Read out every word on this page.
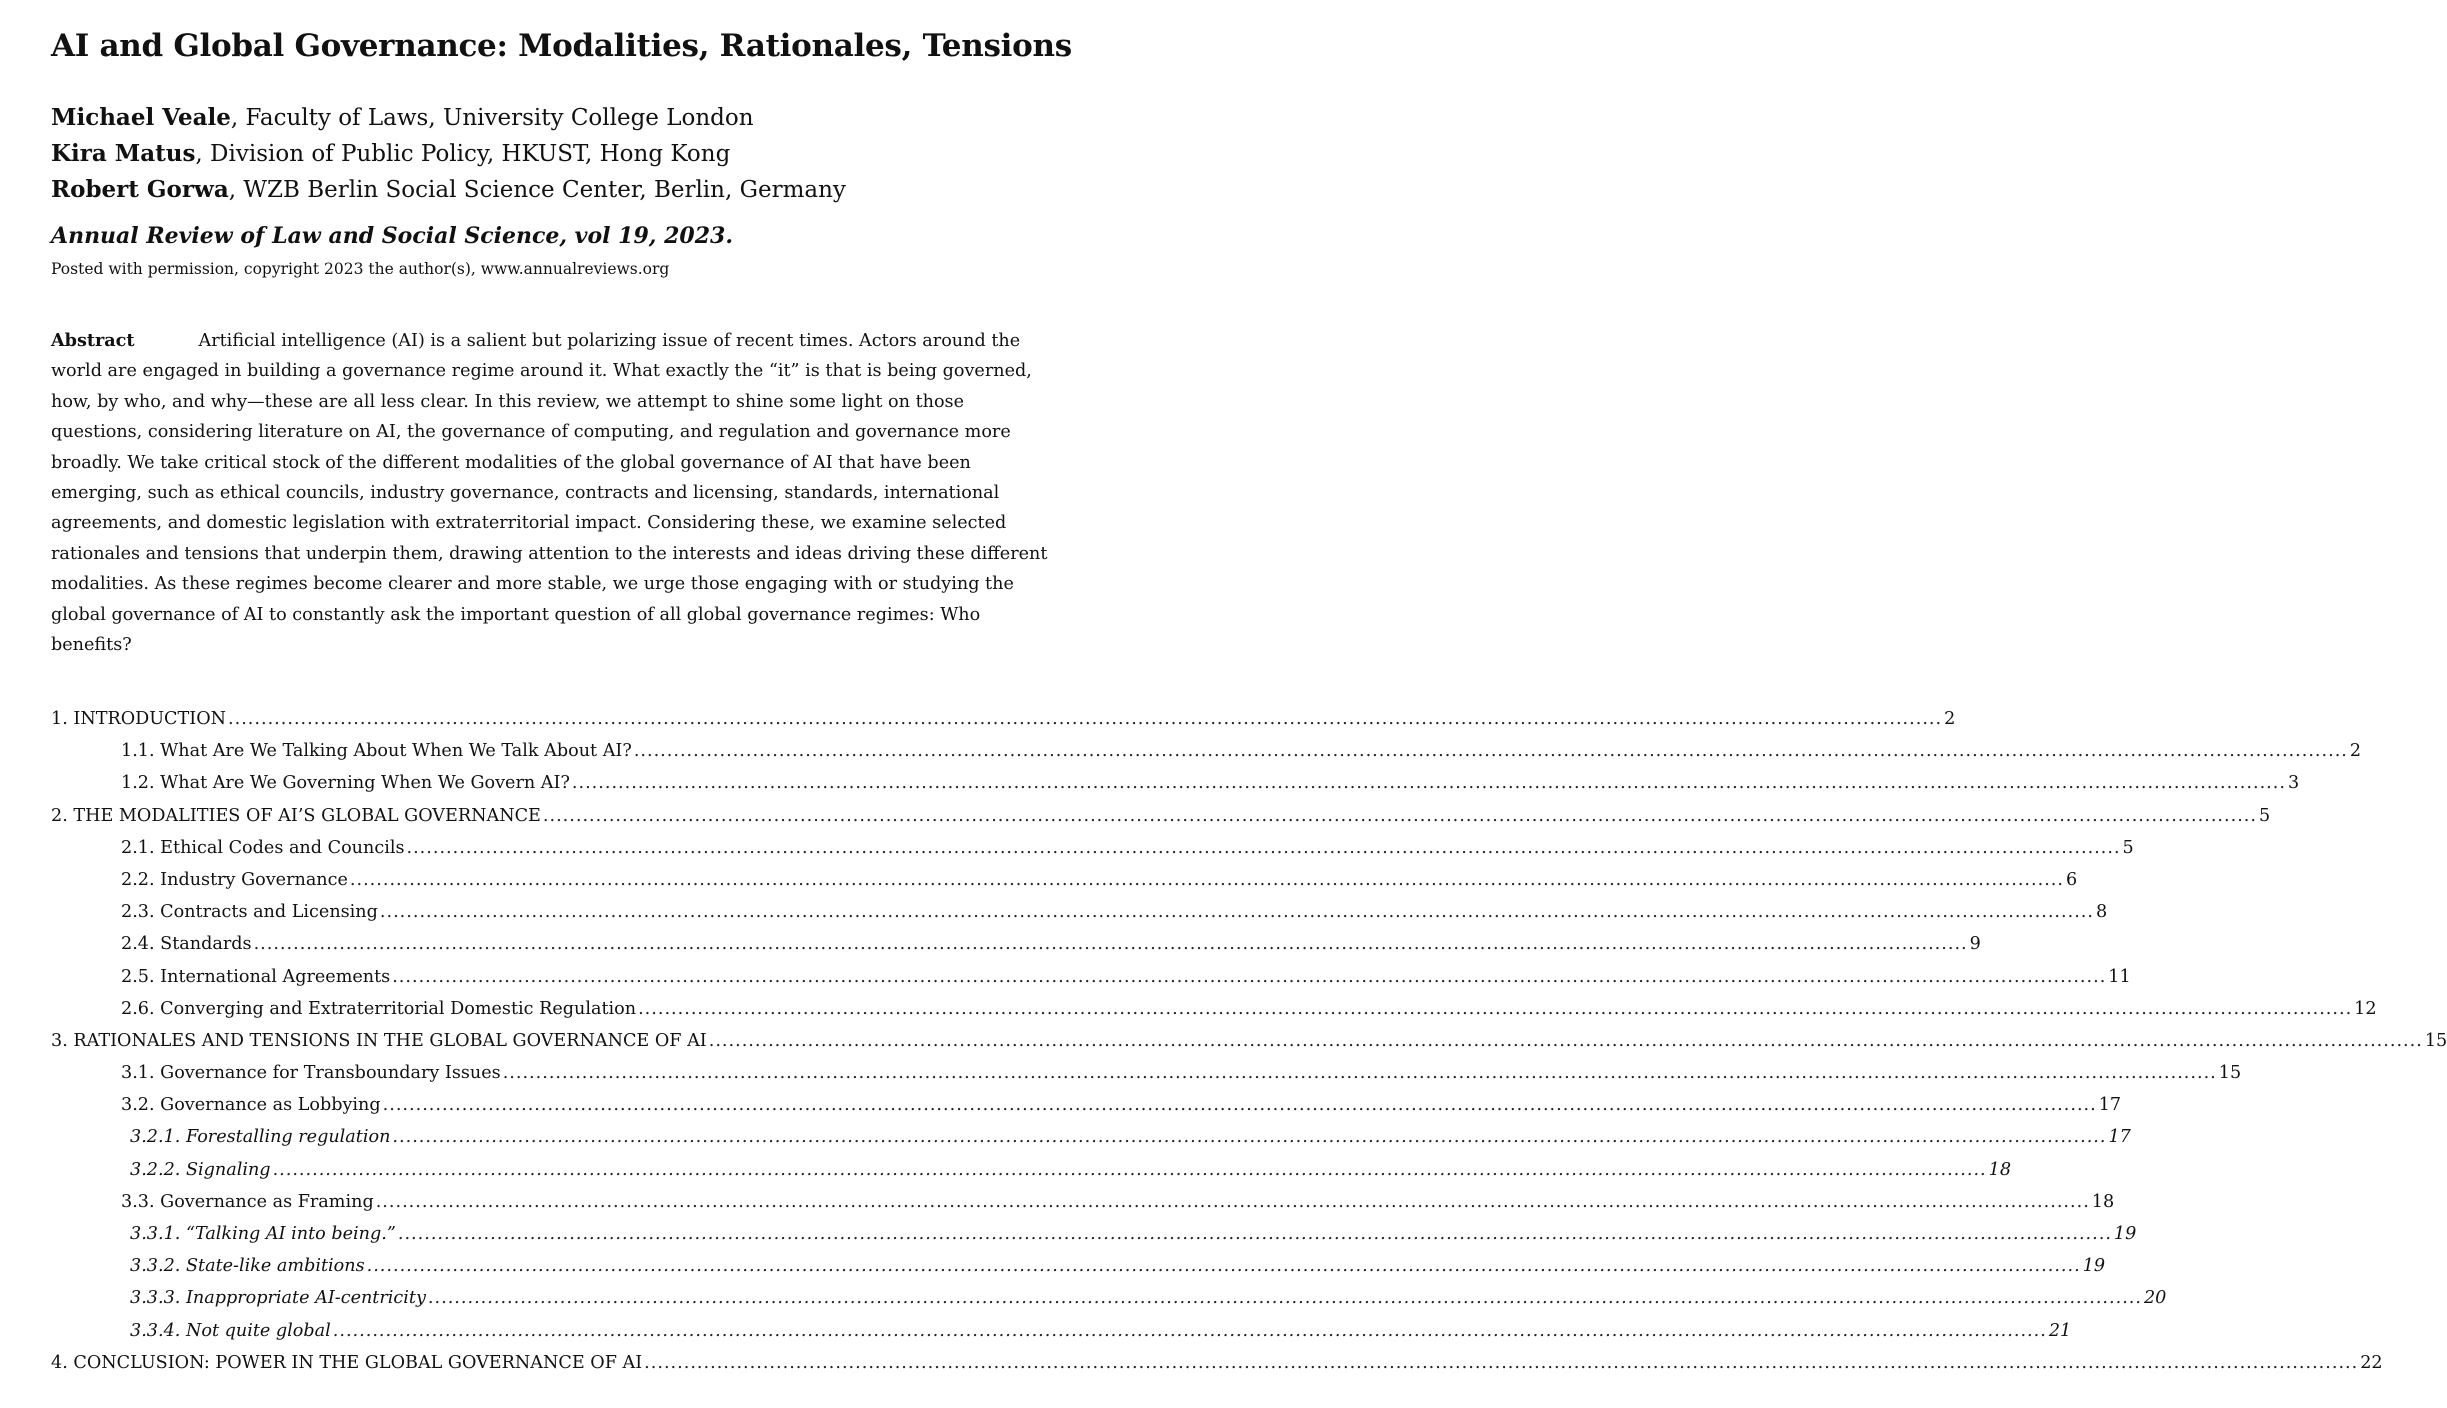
AI and Global Governance: Modalities, Rationales, Tensions
Michael Veale, Faculty of Laws, University College London
Kira Matus, Division of Public Policy, HKUST, Hong Kong
Robert Gorwa, WZB Berlin Social Science Center, Berlin, Germany
Annual Review of Law and Social Science, vol 19, 2023.
Posted with permission, copyright 2023 the author(s), www.annualreviews.org

Abstract	Artificial intelligence (AI) is a salient but polarizing issue of recent times. Actors around the world are engaged in building a governance regime around it. What exactly the “it” is that is being governed, how, by who, and why—these are all less clear. In this review, we attempt to shine some light on those questions, considering literature on AI, the governance of computing, and regulation and governance more broadly. We take critical stock of the different modalities of the global governance of AI that have been emerging, such as ethical councils, industry governance, contracts and licensing, standards, international agreements, and domestic legislation with extraterritorial impact. Considering these, we examine selected rationales and tensions that underpin them, drawing attention to the interests and ideas driving these different modalities. As these regimes become clearer and more stable, we urge those engaging with or studying the global governance of AI to constantly ask the important question of all global governance regimes: Who benefits?

1. INTRODUCTION .................................................................................................................................................................................................................................................................... 2
1.1. What Are We Talking About When We Talk About AI? .................................................................................................................................................................................................................................................................... 2
1.2. What Are We Governing When We Govern AI? .................................................................................................................................................................................................................................................................... 3
2. THE MODALITIES OF AI’S GLOBAL GOVERNANCE .................................................................................................................................................................................................................................................................... 5
2.1. Ethical Codes and Councils .................................................................................................................................................................................................................................................................... 5
2.2. Industry Governance .................................................................................................................................................................................................................................................................... 6
2.3. Contracts and Licensing .................................................................................................................................................................................................................................................................... 8
2.4. Standards .................................................................................................................................................................................................................................................................... 9
2.5. International Agreements .................................................................................................................................................................................................................................................................... 11
2.6. Converging and Extraterritorial Domestic Regulation .................................................................................................................................................................................................................................................................... 12
3. RATIONALES AND TENSIONS IN THE GLOBAL GOVERNANCE OF AI .................................................................................................................................................................................................................................................................... 15
3.1. Governance for Transboundary Issues .................................................................................................................................................................................................................................................................... 15
3.2. Governance as Lobbying .................................................................................................................................................................................................................................................................... 17
3.2.1. Forestalling regulation .................................................................................................................................................................................................................................................................... 17
3.2.2. Signaling .................................................................................................................................................................................................................................................................... 18
3.3. Governance as Framing .................................................................................................................................................................................................................................................................... 18
3.3.1. “Talking AI into being.” .................................................................................................................................................................................................................................................................... 19
3.3.2. State-like ambitions .................................................................................................................................................................................................................................................................... 19
3.3.3. Inappropriate AI-centricity .................................................................................................................................................................................................................................................................... 20
3.3.4. Not quite global .................................................................................................................................................................................................................................................................... 21
4. CONCLUSION: POWER IN THE GLOBAL GOVERNANCE OF AI .................................................................................................................................................................................................................................................................... 22
